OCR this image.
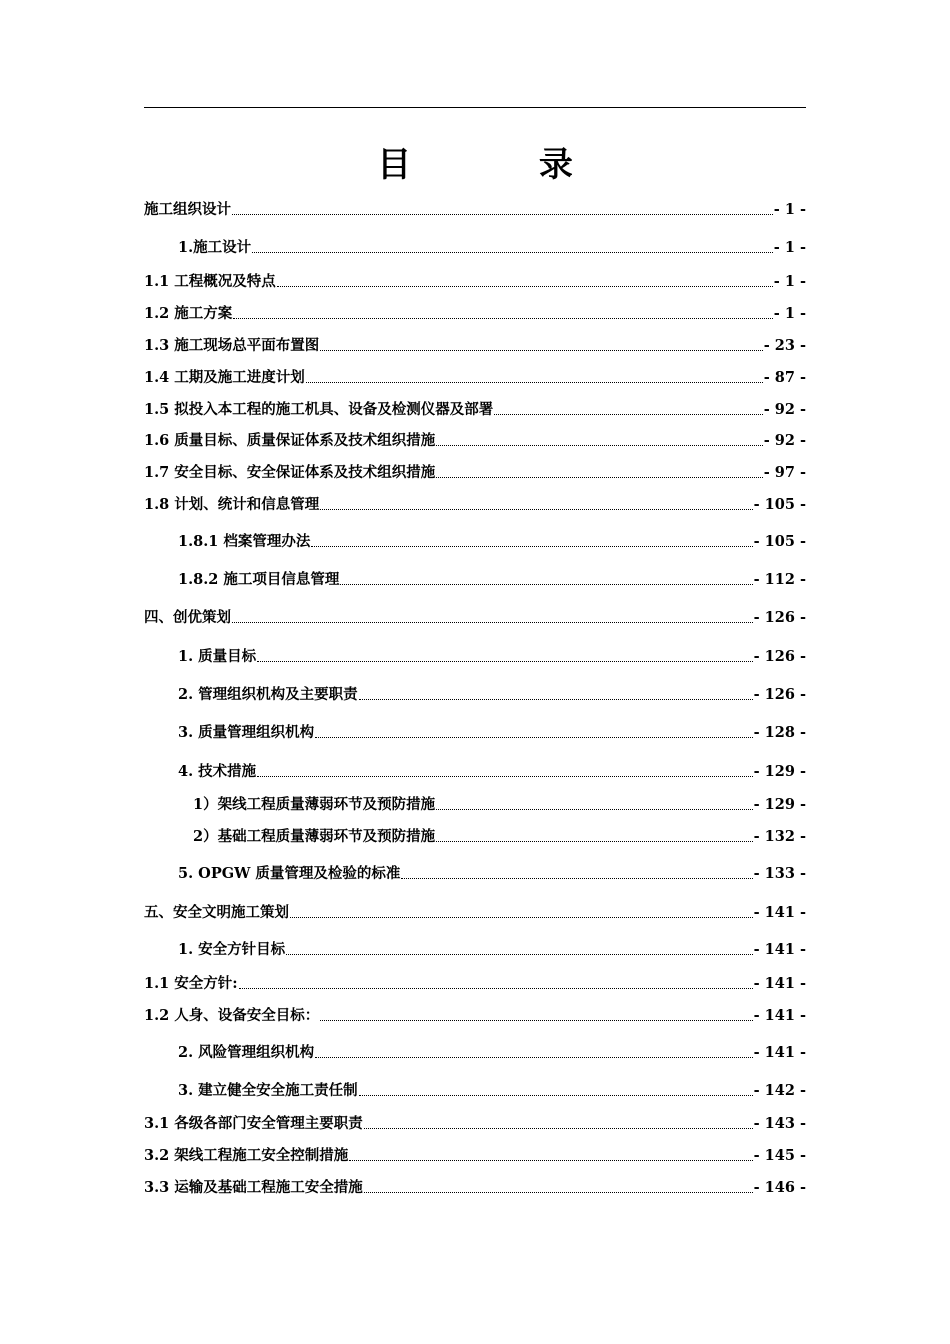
目 录
施工组织设计	- 1 -
1.施工设计	- 1 -
1.1 工程概况及特点	- 1 -
1.2 施工方案	- 1 -
1.3 施工现场总平面布置图	- 23 -
1.4 工期及施工进度计划	- 87 -
1.5 拟投入本工程的施工机具、设备及检测仪器及部署	- 92 -
1.6 质量目标、质量保证体系及技术组织措施	- 92 -
1.7 安全目标、安全保证体系及技术组织措施	- 97 -
1.8 计划、统计和信息管理	- 105 -
1.8.1 档案管理办法	- 105 -
1.8.2 施工项目信息管理	- 112 -
四、创优策划	- 126 -
1. 质量目标	- 126 -
2. 管理组织机构及主要职责	- 126 -
3. 质量管理组织机构	- 128 -
4. 技术措施	- 129 -
1）架线工程质量薄弱环节及预防措施	- 129 -
2）基础工程质量薄弱环节及预防措施	- 132 -
5. OPGW 质量管理及检验的标准	- 133 -
五、安全文明施工策划	- 141 -
1. 安全方针目标	- 141 -
1.1 安全方针:	- 141 -
1.2 人身、设备安全目标：	- 141 -
2. 风险管理组织机构	- 141 -
3. 建立健全安全施工责任制	- 142 -
3.1 各级各部门安全管理主要职责	- 143 -
3.2 架线工程施工安全控制措施	- 145 -
3.3 运输及基础工程施工安全措施	- 146 -
